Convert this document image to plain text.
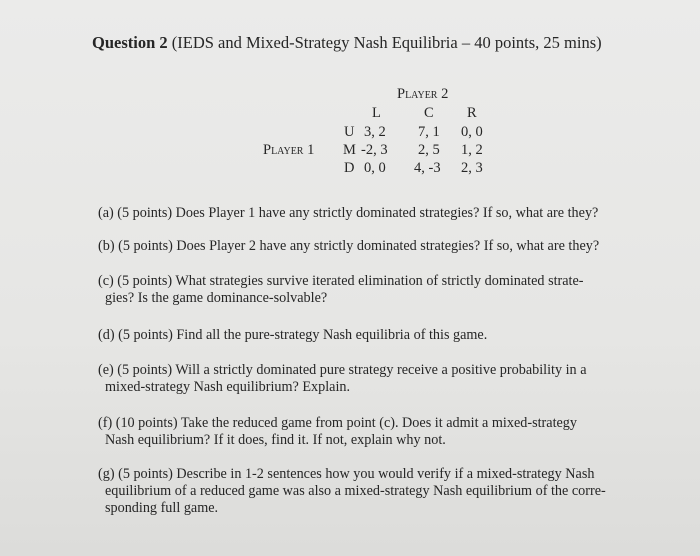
Question 2 (IEDS and Mixed-Strategy Nash Equilibria – 40 points, 25 mins)
Player 2
L	C R
Player 1
U 3, 2 7, 1 0, 0
M -2, 3 2, 5 1, 2
D 0, 0 4, -3 2, 3
(a) (5 points) Does Player 1 have any strictly dominated strategies? If so, what are they?
(b) (5 points) Does Player 2 have any strictly dominated strategies? If so, what are they?
(c) (5 points) What strategies survive iterated elimination of strictly dominated strate-
gies? Is the game dominance-solvable?
(d) (5 points) Find all the pure-strategy Nash equilibria of this game.
(e) (5 points) Will a strictly dominated pure strategy receive a positive probability in a
mixed-strategy Nash equilibrium? Explain.
(f) (10 points) Take the reduced game from point (c). Does it admit a mixed-strategy
Nash equilibrium? If it does, find it. If not, explain why not.
(g) (5 points) Describe in 1-2 sentences how you would verify if a mixed-strategy Nash
equilibrium of a reduced game was also a mixed-strategy Nash equilibrium of the corre-
sponding full game.
